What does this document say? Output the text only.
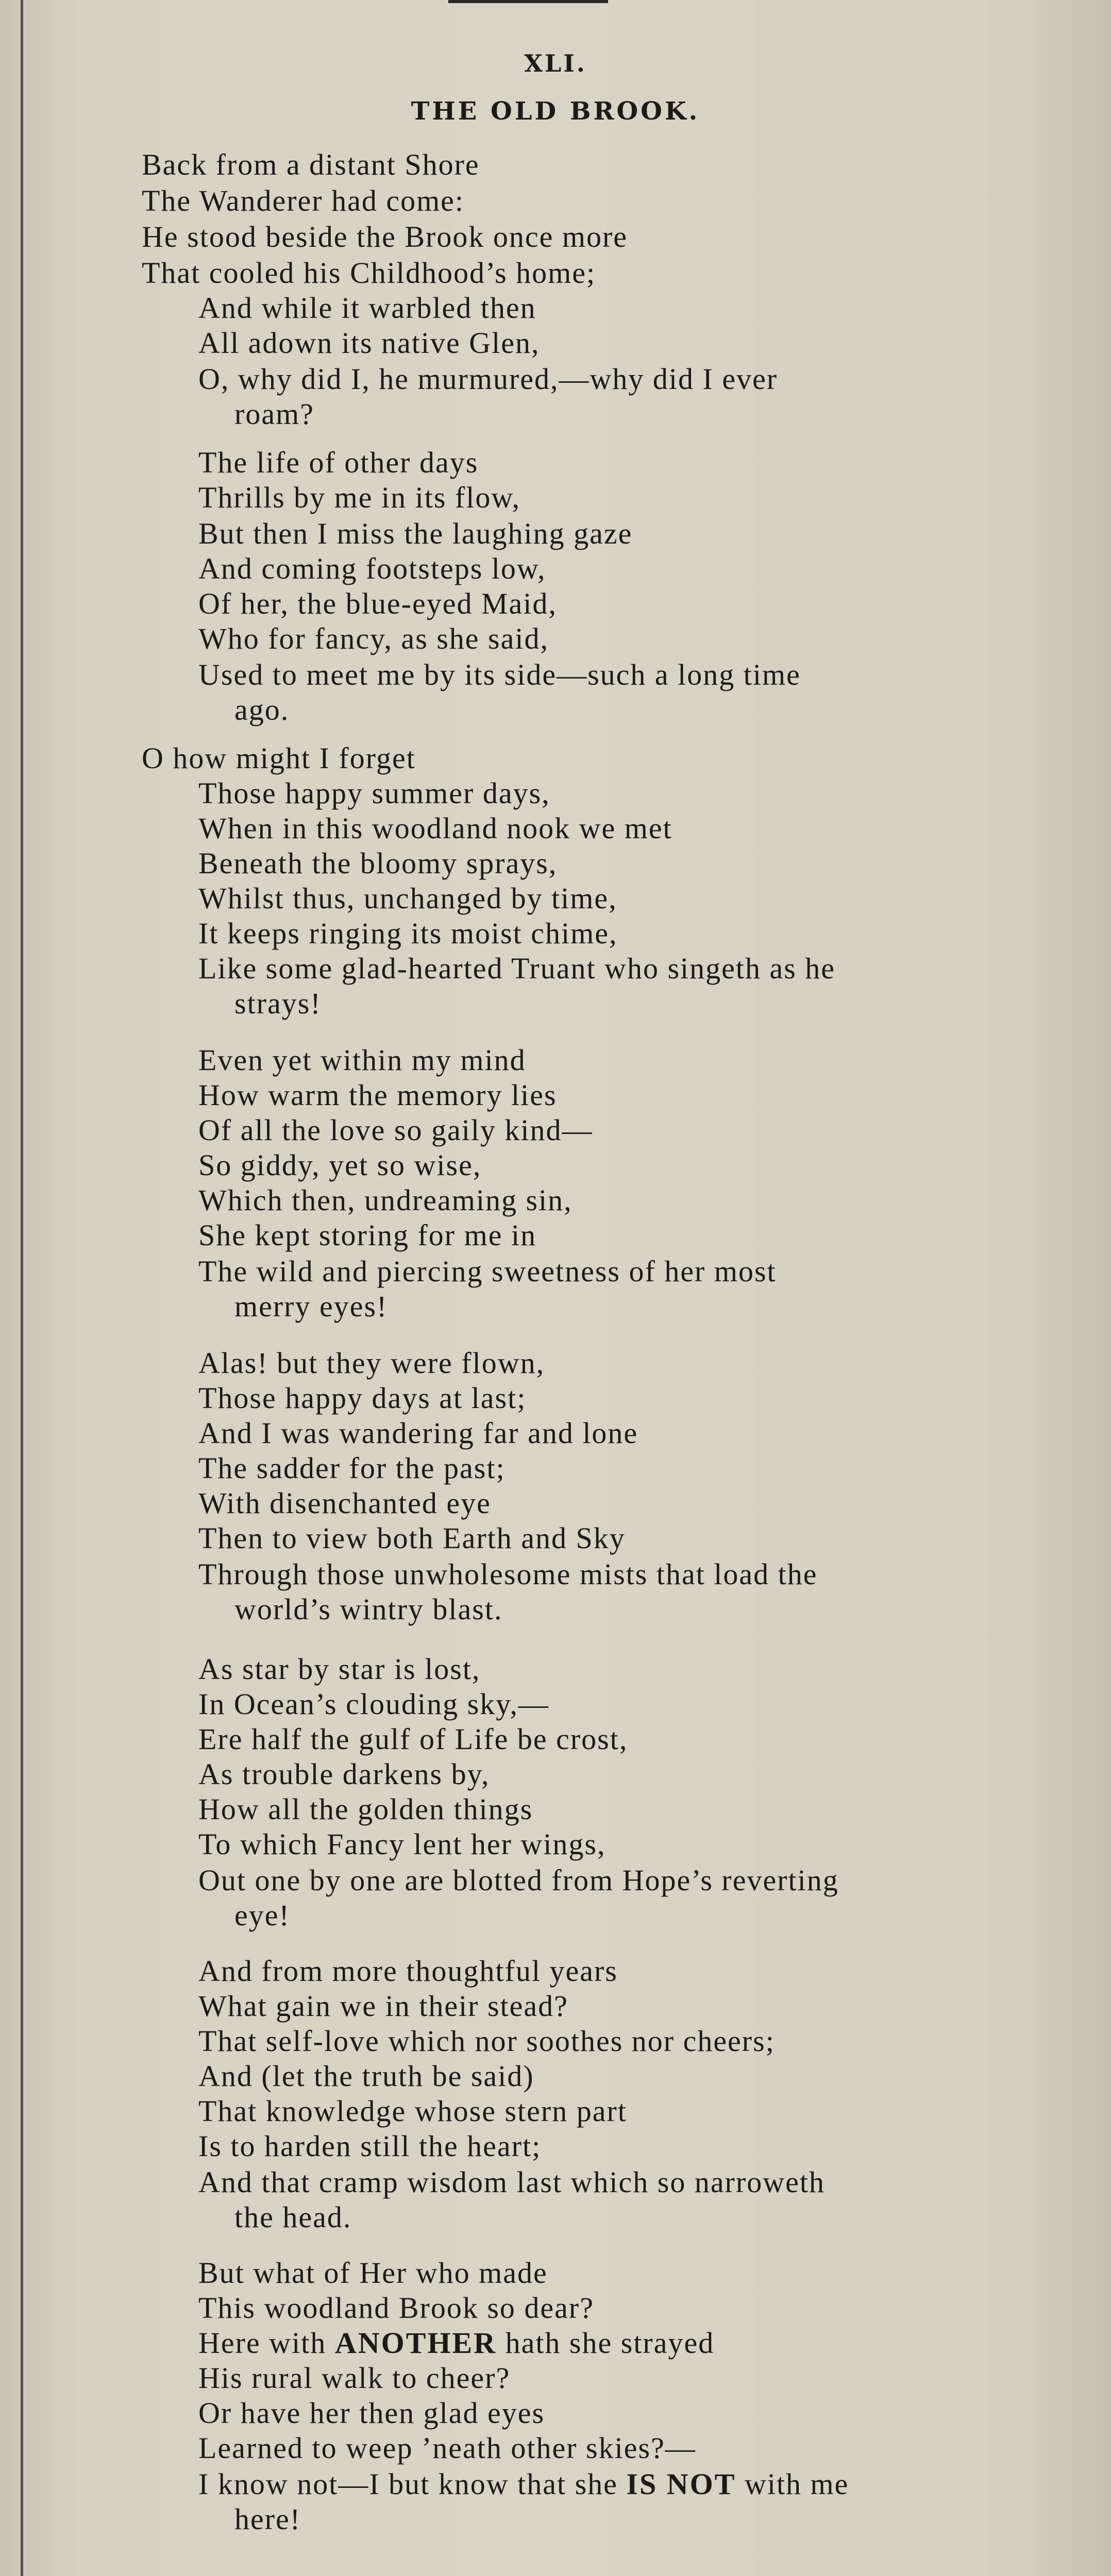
XLI.
THE OLD BROOK.
Back from a distant Shore
The Wanderer had come:
He stood beside the Brook once more
That cooled his Childhood’s home;
And while it warbled then
All adown its native Glen,
O, why did I, he murmured,—why did I ever
roam?
The life of other days
Thrills by me in its flow,
But then I miss the laughing gaze
And coming footsteps low,
Of her, the blue-eyed Maid,
Who for fancy, as she said,
Used to meet me by its side—such a long time
ago.
O how might I forget
Those happy summer days,
When in this woodland nook we met
Beneath the bloomy sprays,
Whilst thus, unchanged by time,
It keeps ringing its moist chime,
Like some glad-hearted Truant who singeth as he
strays!
Even yet within my mind
How warm the memory lies
Of all the love so gaily kind—
So giddy, yet so wise,
Which then, undreaming sin,
She kept storing for me in
The wild and piercing sweetness of her most
merry eyes!
Alas! but they were flown,
Those happy days at last;
And I was wandering far and lone
The sadder for the past;
With disenchanted eye
Then to view both Earth and Sky
Through those unwholesome mists that load the
world’s wintry blast.
As star by star is lost,
In Ocean’s clouding sky,—
Ere half the gulf of Life be crost,
As trouble darkens by,
How all the golden things
To which Fancy lent her wings,
Out one by one are blotted from Hope’s reverting
eye!
And from more thoughtful years
What gain we in their stead?
That self-love which nor soothes nor cheers;
And (let the truth be said)
That knowledge whose stern part
Is to harden still the heart;
And that cramp wisdom last which so narroweth
the head.
But what of Her who made
This woodland Brook so dear?
Here with ANOTHER hath she strayed
His rural walk to cheer?
Or have her then glad eyes
Learned to weep ’neath other skies?—
I know not—I but know that she IS NOT with me
here!
